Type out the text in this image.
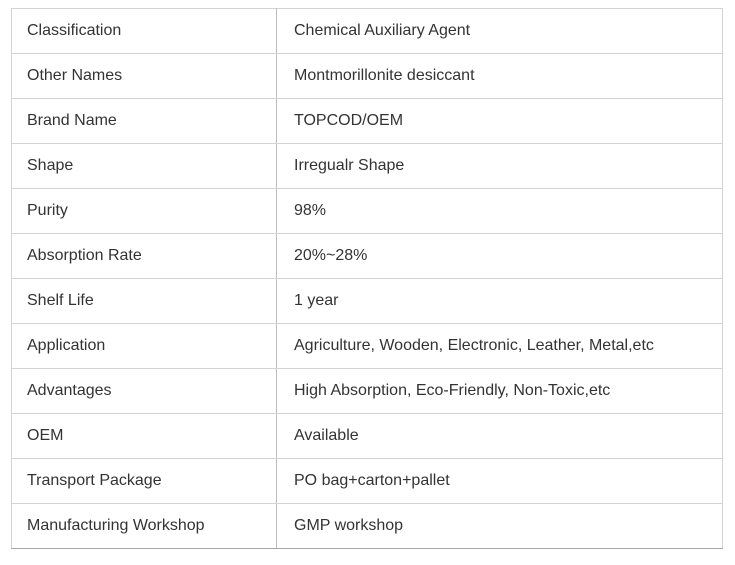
Classification	Chemical Auxiliary Agent
Other Names	Montmorillonite desiccant
Brand Name	TOPCOD/OEM
Shape	Irregualr Shape
Purity	98%
Absorption Rate	20%~28%
Shelf Life	1 year
Application	Agriculture, Wooden, Electronic, Leather, Metal,etc
Advantages	High Absorption, Eco-Friendly, Non-Toxic,etc
OEM	Available
Transport Package	PO bag+carton+pallet
Manufacturing Workshop	GMP workshop
